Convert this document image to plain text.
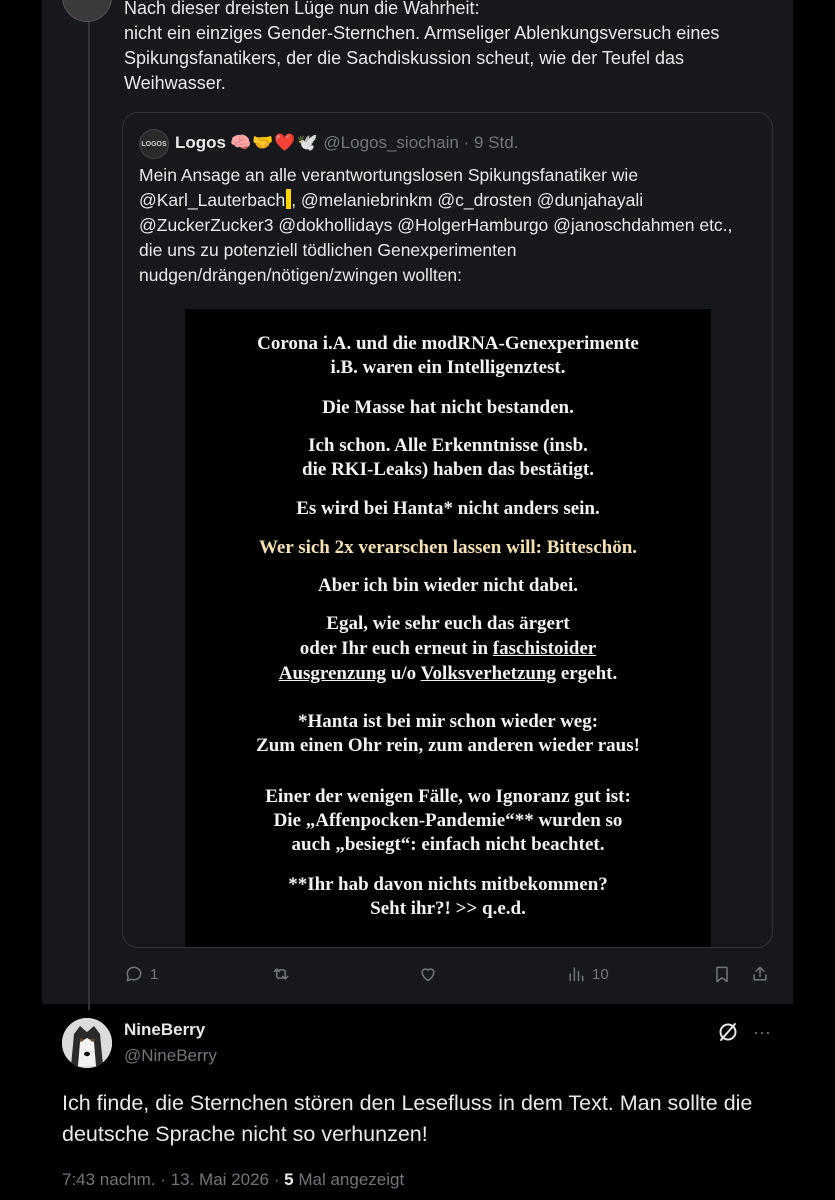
Nach dieser dreisten Lüge nun die Wahrheit:
nicht ein einziges Gender-Sternchen. Armseliger Ablenkungsversuch eines Spikungsfanatikers, der die Sachdiskussion scheut, wie der Teufel das Weihwasser.
LOGOS Logos 🧠🤝❤️🕊️ @Logos_siochain · 9 Std.
Mein Ansage an alle verantwortungslosen Spikungsfanatiker wie @Karl_Lauterbach , @melaniebrinkm @c_drosten @dunjahayali @ZuckerZucker3 @dokhollidays @HolgerHamburgo @janoschdahmen etc., die uns zu potenziell tödlichen Genexperimenten nudgen/drängen/nötigen/zwingen wollten:
Corona i.A. und die modRNA-Genexperimente
i.B. waren ein Intelligenztest.
Die Masse hat nicht bestanden.
Ich schon. Alle Erkenntnisse (insb.
die RKI-Leaks) haben das bestätigt.
Es wird bei Hanta* nicht anders sein.
Wer sich 2x verarschen lassen will: Bitteschön.
Aber ich bin wieder nicht dabei.
Egal, wie sehr euch das ärgert
oder Ihr euch erneut in faschistoider
Ausgrenzung u/o Volksverhetzung ergeht.
*Hanta ist bei mir schon wieder weg:
Zum einen Ohr rein, zum anderen wieder raus!
Einer der wenigen Fälle, wo Ignoranz gut ist:
Die „Affenpocken-Pandemie“** wurden so
auch „besiegt“: einfach nicht beachtet.
**Ihr hab davon nichts mitbekommen?
Seht ihr?! >> q.e.d.
1	10
NineBerry
@NineBerry
···
Ich finde, die Sternchen stören den Lesefluss in dem Text. Man sollte die deutsche Sprache nicht so verhunzen!
7:43 nachm. · 13. Mai 2026 · 5 Mal angezeigt
